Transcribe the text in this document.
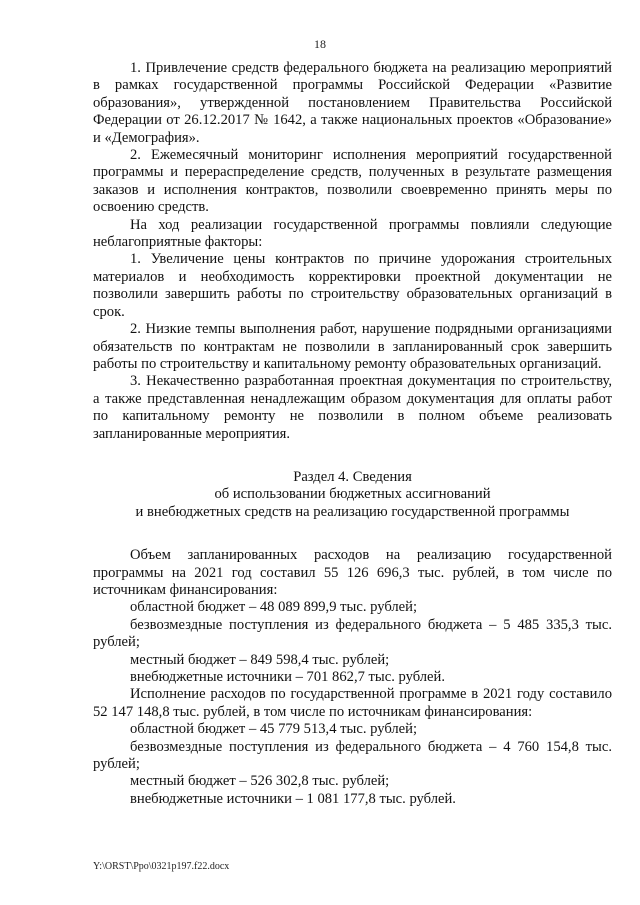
18

1. Привлечение средств федерального бюджета на реализацию мероприятий в рамках государственной программы Российской Федерации «Развитие образования», утвержденной постановлением Правительства Российской Федерации от 26.12.2017 № 1642, а также национальных проектов «Образование» и «Демография».

2. Ежемесячный мониторинг исполнения мероприятий государственной программы и перераспределение средств, полученных в результате размещения заказов и исполнения контрактов, позволили своевременно принять меры по освоению средств.

На ход реализации государственной программы повлияли следующие неблагоприятные факторы:

1. Увеличение цены контрактов по причине удорожания строительных материалов и необходимость корректировки проектной документации не позволили завершить работы по строительству образовательных организаций в срок.

2. Низкие темпы выполнения работ, нарушение подрядными организациями обязательств по контрактам не позволили в запланированный срок завершить работы по строительству и капитальному ремонту образовательных организаций.

3. Некачественно разработанная проектная документация по строительству, а также представленная ненадлежащим образом документация для оплаты работ по капитальному ремонту не позволили в полном объеме реализовать запланированные мероприятия.

Раздел 4. Сведения
об использовании бюджетных ассигнований
и внебюджетных средств на реализацию государственной программы

Объем запланированных расходов на реализацию государственной программы на 2021 год составил 55 126 696,3 тыс. рублей, в том числе по источникам финансирования:

областной бюджет – 48 089 899,9 тыс. рублей;

безвозмездные поступления из федерального бюджета – 5 485 335,3 тыс. рублей;

местный бюджет – 849 598,4 тыс. рублей;

внебюджетные источники – 701 862,7 тыс. рублей.

Исполнение расходов по государственной программе в 2021 году составило 52 147 148,8 тыс. рублей, в том числе по источникам финансирования:

областной бюджет – 45 779 513,4 тыс. рублей;

безвозмездные поступления из федерального бюджета – 4 760 154,8 тыс. рублей;

местный бюджет – 526 302,8 тыс. рублей;

внебюджетные источники – 1 081 177,8 тыс. рублей.

Y:\ORST\Ppo\0321p197.f22.docx
